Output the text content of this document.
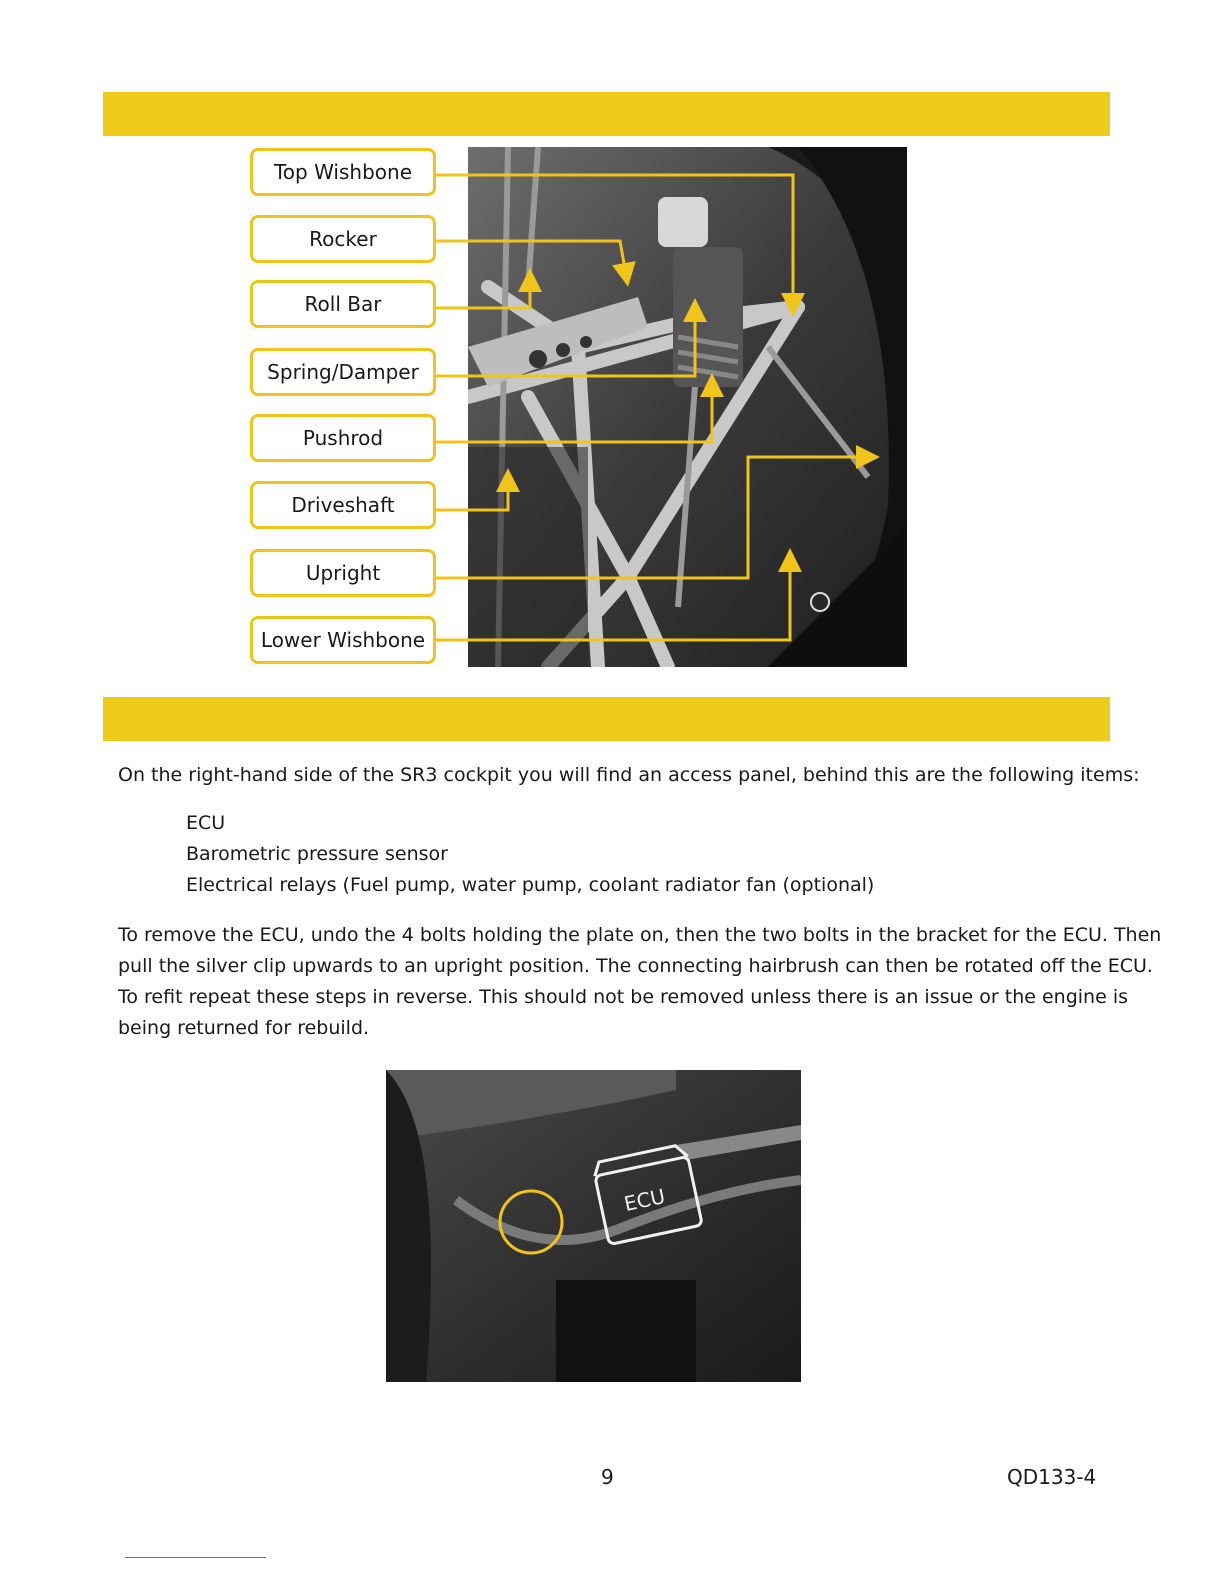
Top Wishbone
Rocker
Roll Bar
Spring/Damper
Pushrod
Driveshaft
Upright
Lower Wishbone
On the right-hand side of the SR3 cockpit you will find an access panel, behind this are the following items:
ECU
Barometric pressure sensor
Electrical relays (Fuel pump, water pump, coolant radiator fan (optional)
To remove the ECU, undo the 4 bolts holding the plate on, then the two bolts in the bracket for the ECU. Then
pull the silver clip upwards to an upright position. The connecting hairbrush can then be rotated off the ECU.
To refit repeat these steps in reverse. This should not be removed unless there is an issue or the engine is
being returned for rebuild.
ECU
9	QD133-4
